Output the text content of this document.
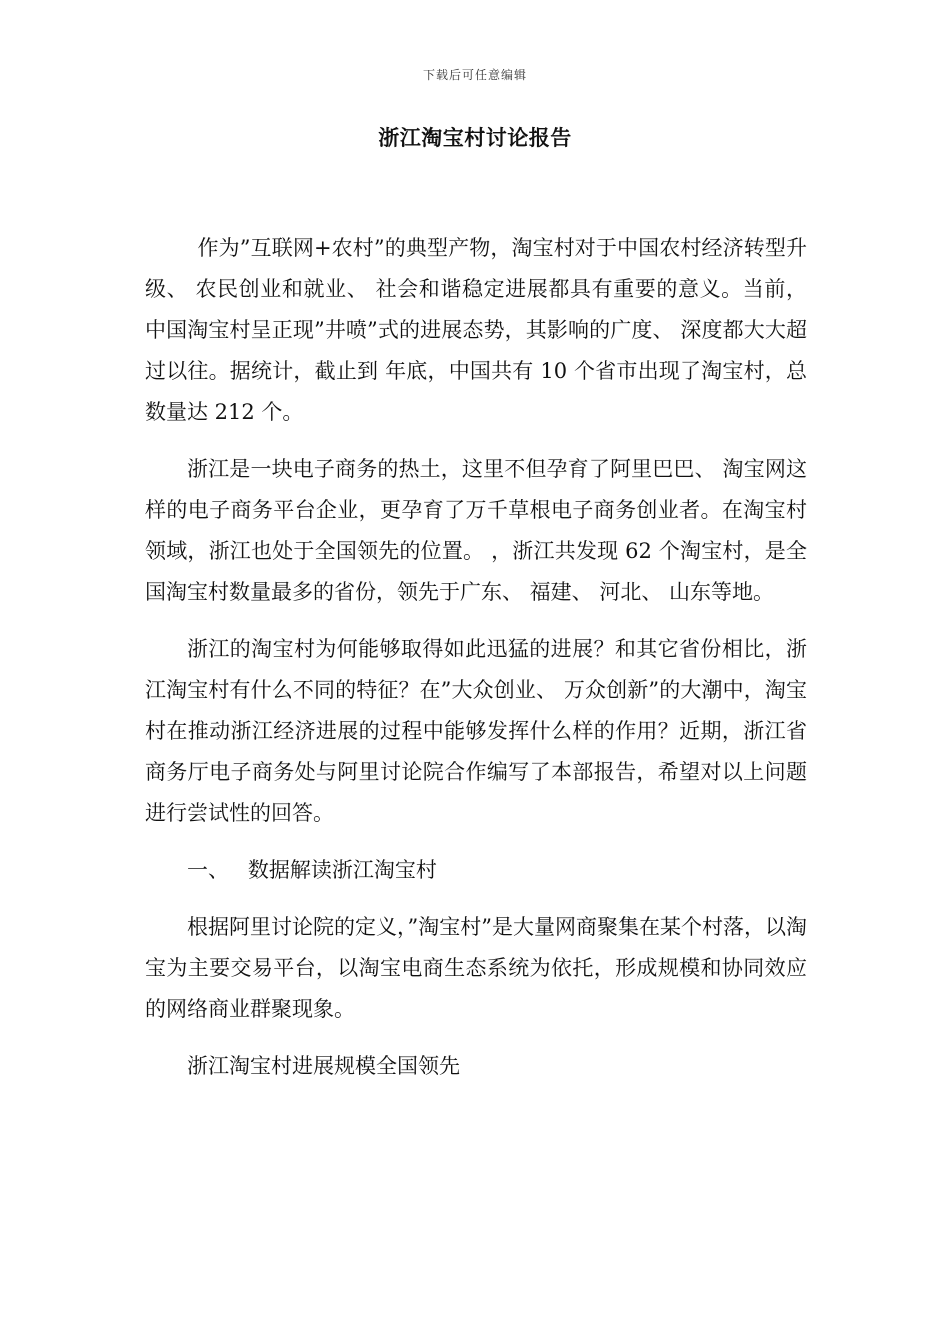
下载后可任意编辑
浙江淘宝村讨论报告

作为”互联网+农村”的典型产物，淘宝村对于中国农村经济转型升级、 农民创业和就业、 社会和谐稳定进展都具有重要的意义。当前，中国淘宝村呈正现”井喷”式的进展态势，其影响的广度、 深度都大大超过以往。据统计，截止到 年底，中国共有 10 个省市出现了淘宝村，总数量达 212 个。

浙江是一块电子商务的热土，这里不但孕育了阿里巴巴、 淘宝网这样的电子商务平台企业，更孕育了万千草根电子商务创业者。在淘宝村领域，浙江也处于全国领先的位置。 ，浙江共发现 62 个淘宝村，是全国淘宝村数量最多的省份，领先于广东、 福建、 河北、 山东等地。

浙江的淘宝村为何能够取得如此迅猛的进展？和其它省份相比，浙江淘宝村有什么不同的特征？在”大众创业、 万众创新”的大潮中，淘宝村在推动浙江经济进展的过程中能够发挥什么样的作用？近期，浙江省商务厅电子商务处与阿里讨论院合作编写了本部报告，希望对以上问题进行尝试性的回答。

一、 数据解读浙江淘宝村

根据阿里讨论院的定义，”淘宝村”是大量网商聚集在某个村落，以淘宝为主要交易平台，以淘宝电商生态系统为依托，形成规模和协同效应的网络商业群聚现象。

浙江淘宝村进展规模全国领先
